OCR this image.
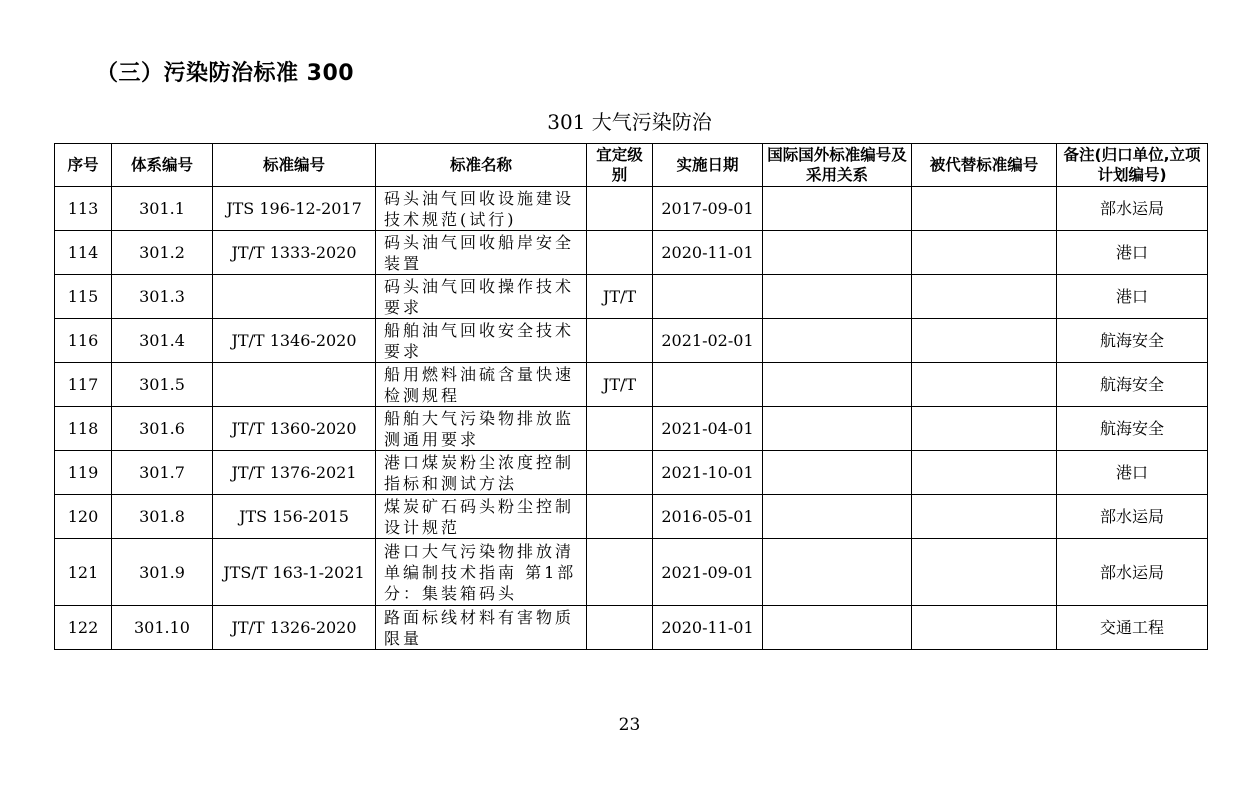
（三）污染防治标准 300
301 大气污染防治
序号	体系编号	标准编号	标准名称	宜定级别	实施日期	国际国外标准编号及采用关系	被代替标准编号	备注(归口单位,立项计划编号)
113	301.1	JTS 196-12-2017	码头油气回收设施建设技术规范(试行)		2017-09-01			部水运局
114	301.2	JT/T 1333-2020	码头油气回收船岸安全装置		2020-11-01			港口
115	301.3		码头油气回收操作技术要求	JT/T				港口
116	301.4	JT/T 1346-2020	船舶油气回收安全技术要求		2021-02-01			航海安全
117	301.5		船用燃料油硫含量快速检测规程	JT/T				航海安全
118	301.6	JT/T 1360-2020	船舶大气污染物排放监测通用要求		2021-04-01			航海安全
119	301.7	JT/T 1376-2021	港口煤炭粉尘浓度控制指标和测试方法		2021-10-01			港口
120	301.8	JTS 156-2015	煤炭矿石码头粉尘控制设计规范		2016-05-01			部水运局
121	301.9	JTS/T 163-1-2021	港口大气污染物排放清单编制技术指南 第1部分：集装箱码头		2021-09-01			部水运局
122	301.10	JT/T 1326-2020	路面标线材料有害物质限量		2020-11-01			交通工程
23
